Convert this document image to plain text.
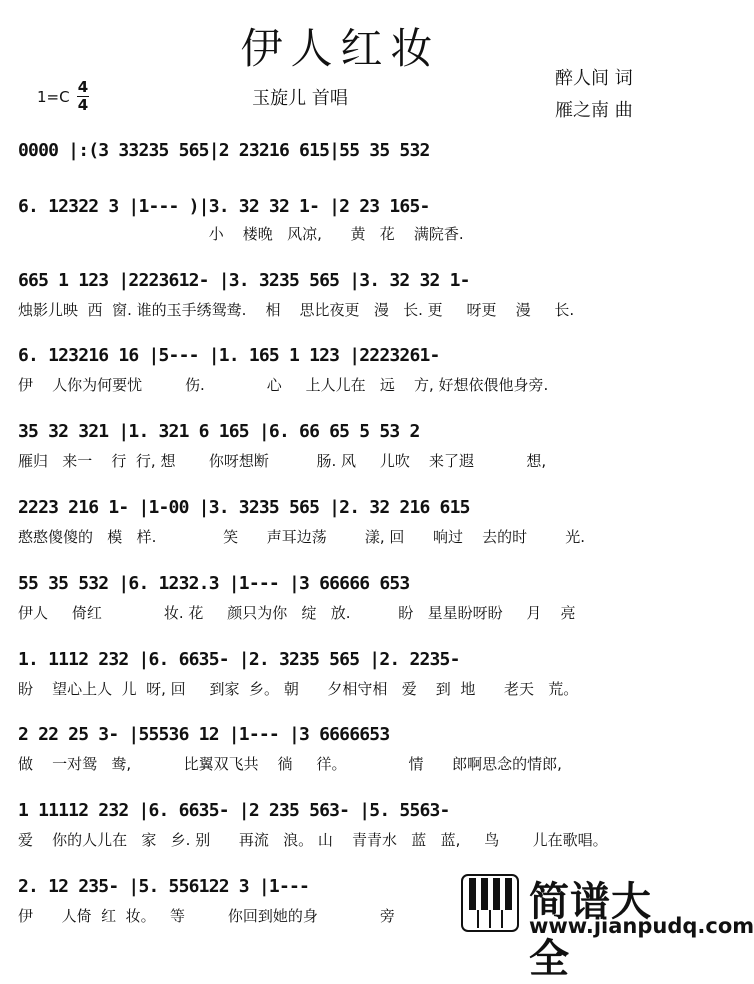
伊人红妆
1=C
4
4	玉旋儿 首唱
醉人间 词
雁之南 曲
0000 |:(3 33235 565|2 23216 615|55 35 532
6. 12322 3 |1--- )|3. 32 32 1- |2 23 165-
小    楼晚   风凉,      黄   花    满院香.
665 1 123 |2223612- |3. 3235 565 |3. 32 32 1-
烛影儿映  西  窗. 谁的玉手绣鸳鸯.    相    思比夜更   漫   长. 更     呀更    漫     长.
6. 123216 16 |5--- |1. 165 1 123 |2223261-
伊    人你为何要忧         伤.             心     上人儿在   远    方, 好想依偎他身旁.
35 32 321 |1. 321 6 165 |6. 66 65 5 53 2
雁归   来一    行  行, 想       你呀想断          肠. 风     儿吹    来了遐           想,
2223 216 1- |1-00 |3. 3235 565 |2. 32 216 615
憨憨傻傻的   模   样.              笑      声耳边荡        漾, 回      响过    去的时        光.
55 35 532 |6. 1232.3 |1--- |3 66666 653
伊人     倚红             妆. 花     颜只为你   绽   放.          盼   星星盼呀盼     月    亮
1. 1112 232 |6. 6635- |2. 3235 565 |2. 2235-
盼    望心上人  儿  呀, 回     到家  乡。 朝      夕相守相   爱    到  地      老天   荒。
2 22 25 3- |55536 12 |1--- |3 6666653
做    一对鸳   鸯,           比翼双飞共    徜     徉。             情      郎啊思念的情郎,
1 11112 232 |6. 6635- |2 235 563- |5. 5563-
爱    你的人儿在   家   乡. 别      再流   浪。 山    青青水   蓝   蓝,     鸟       儿在歌唱。
2. 12 235- |5. 556122 3 |1---
伊      人倚  红  妆。   等         你回到她的身             旁	简谱大全
www.jianpudq.com
